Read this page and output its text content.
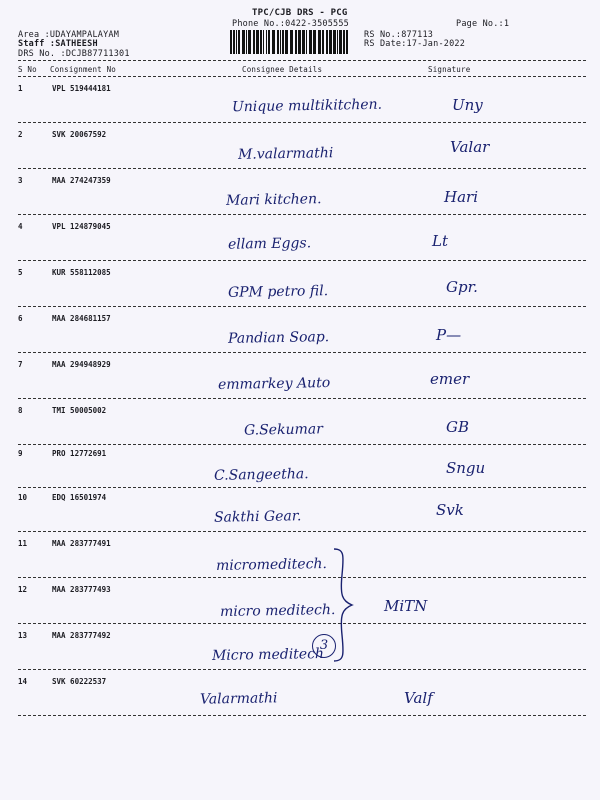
TPC/CJB DRS - PCG
Phone No.:0422-3505555	Page No.:1
Area :UDAYAMPALAYAM
Staff :SATHEESH
DRS No. :DCJB87711301
RS No.:877113
RS Date:17-Jan-2022
S No Consignment No	Consignee Details	Signature
1	VPL 519444181
Unique multikitchen.	Uny
2	SVK 20067592
M.valarmathi	Valar
3	MAA 274247359
Mari kitchen.	Hari
4	VPL 124879045
ellam Eggs.	Lt
5	KUR 558112085
GPM petro fil.	Gpr.
6	MAA 284681157
Pandian Soap.	P—
7	MAA 294948929
emmarkey Auto	emer
8	TMI 50005002
G.Sekumar	GB
9	PRO 12772691
C.Sangeetha.	Sngu
10	EDQ 16501974
Sakthi Gear.	Svk
11	MAA 283777491
micromeditech.
12	MAA 283777493
micro meditech.	MiTN
13	MAA 283777492
Micro meditech
14	SVK 60222537
Valarmathi	Valf
3
